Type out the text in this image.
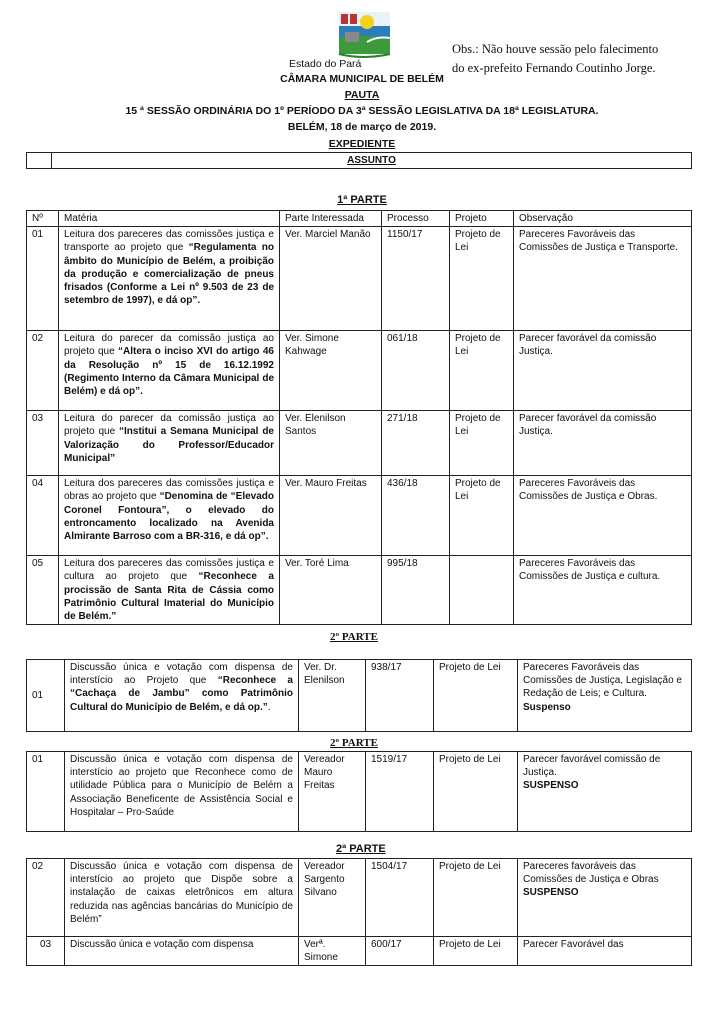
Obs.: Não houve sessão pelo falecimento
do ex-prefeito Fernando Coutinho Jorge.
Estado do Pará
CÂMARA MUNICIPAL DE BELÉM
PAUTA
15 ª SESSÃO ORDINÁRIA DO 1º PERÍODO DA 3ª SESSÃO LEGISLATIVA DA 18ª LEGISLATURA.
BELÉM, 18 de março de 2019.
EXPEDIENTE
	ASSUNTO
1ª PARTE
Nº	Matéria	Parte Interessada	Processo	Projeto	Observação
01	Leitura dos pareceres das comissões justiça e transporte ao projeto que “Regulamenta no âmbito do Município de Belém, a proibição da produção e comercialização de pneus frisados (Conforme a Lei nº 9.503 de 23 de setembro de 1997), e dá op”.	Ver. Marciel Manão	1150/17	Projeto de Lei	Pareceres Favoráveis das Comissões de Justiça e Transporte.
02	Leitura do parecer da comissão justiça ao projeto que “Altera o inciso XVI do artigo 46 da Resolução nº 15 de 16.12.1992 (Regimento Interno da Câmara Municipal de Belém) e dá op”.	Ver. Simone Kahwage	061/18	Projeto de Lei	Parecer favorável da comissão Justiça.
03	Leitura do parecer da comissão justiça ao projeto que “Institui a Semana Municipal de Valorização do Professor/Educador Municipal”	Ver. Elenilson Santos	271/18	Projeto de Lei	Parecer favorável da comissão Justiça.
04	Leitura dos pareceres das comissões justiça e obras ao projeto que “Denomina de “Elevado Coronel Fontoura”, o elevado do entroncamento localizado na Avenida Almirante Barroso com a BR-316, e dá op”.	Ver. Mauro Freitas	436/18	Projeto de Lei	Pareceres Favoráveis das Comissões de Justiça e Obras.
05	Leitura dos pareceres das comissões justiça e cultura ao projeto que “Reconhece a procissão de Santa Rita de Cássia como Patrimônio Cultural Imaterial do Município de Belém.”	Ver. Toré Lima	995/18		Pareceres Favoráveis das Comissões de Justiça e cultura.
2º PARTE
01	Discussão única e votação com dispensa de interstício ao Projeto que “Reconhece a “Cachaça de Jambu” como Patrimônio Cultural do Município de Belém, e dá op.”.	Ver. Dr. Elenilson	938/17	Projeto de Lei	Pareceres Favoráveis das Comissões de Justiça, Legislação e Redação de Leis; e Cultura.
Suspenso
2º PARTE
01	Discussão única e votação com dispensa de interstício ao projeto que Reconhece como de utilidade Pública para o Município de Belém a Associação Beneficente de Assistência Social e Hospitalar – Pro-Saúde	Vereador Mauro Freitas	1519/17	Projeto de Lei	Parecer favorável comissão de Justiça.
SUSPENSO
2ª PARTE
02	Discussão única e votação com dispensa de interstício ao projeto que Dispõe sobre a instalação de caixas eletrônicos em altura reduzida nas agências bancárias do Município de Belém”	Vereador Sargento Silvano	1504/17	Projeto de Lei	Pareceres favoráveis das Comissões de Justiça e Obras
SUSPENSO
03	Discussão única e votação com dispensa	Verª. Simone	600/17	Projeto de Lei	Parecer Favorável das
